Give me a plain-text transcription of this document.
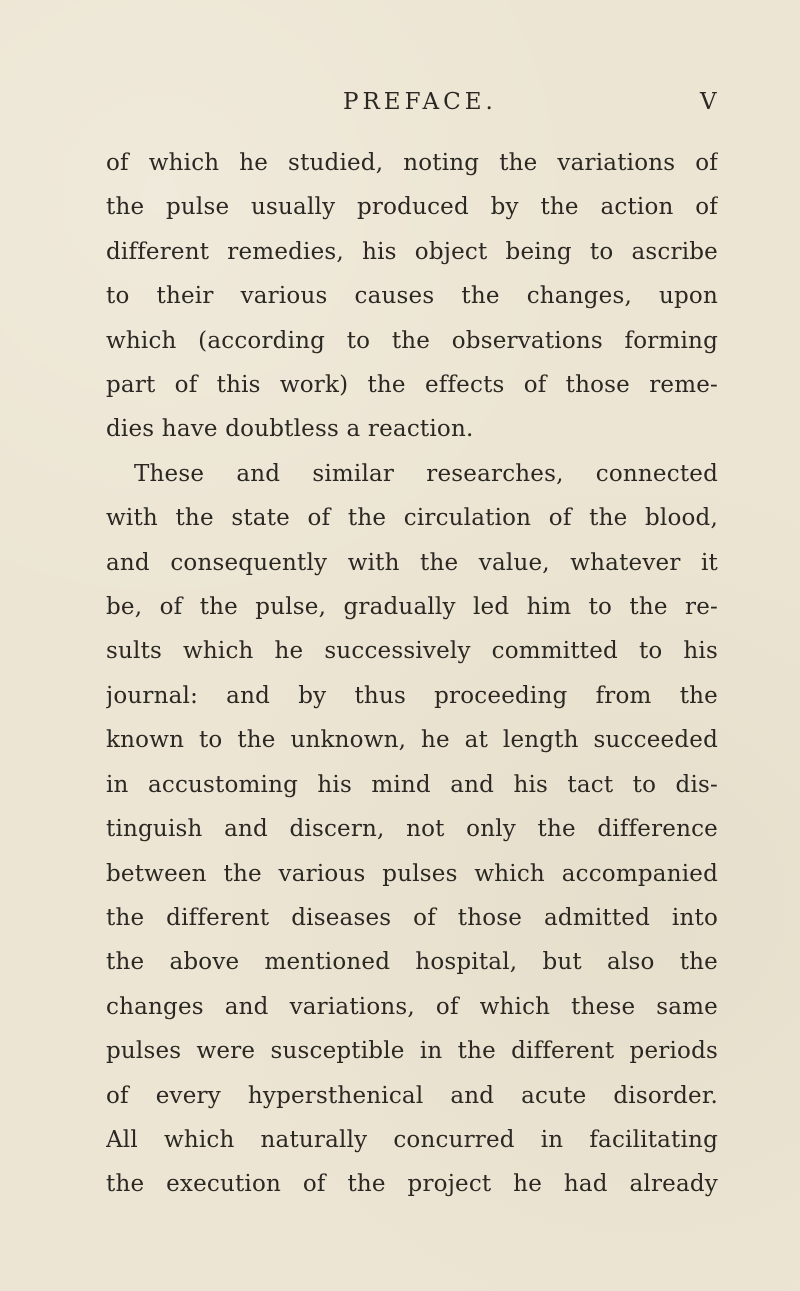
PREFACE.	V
of which he studied, noting the variations of
the pulse usually produced by the action of
different remedies, his object being to ascribe
to their various causes the changes, upon
which (according to the observations forming
part of this work) the effects of those reme-
dies have doubtless a reaction.
These and similar researches, connected
with the state of the circulation of the blood,
and consequently with the value, whatever it
be, of the pulse, gradually led him to the re-
sults which he successively committed to his
journal: and by thus proceeding from the
known to the unknown, he at length succeeded
in accustoming his mind and his tact to dis-
tinguish and discern, not only the difference
between the various pulses which accompanied
the different diseases of those admitted into
the above mentioned hospital, but also the
changes and variations, of which these same
pulses were susceptible in the different periods
of every hypersthenical and acute disorder.
All which naturally concurred in facilitating
the execution of the project he had already
